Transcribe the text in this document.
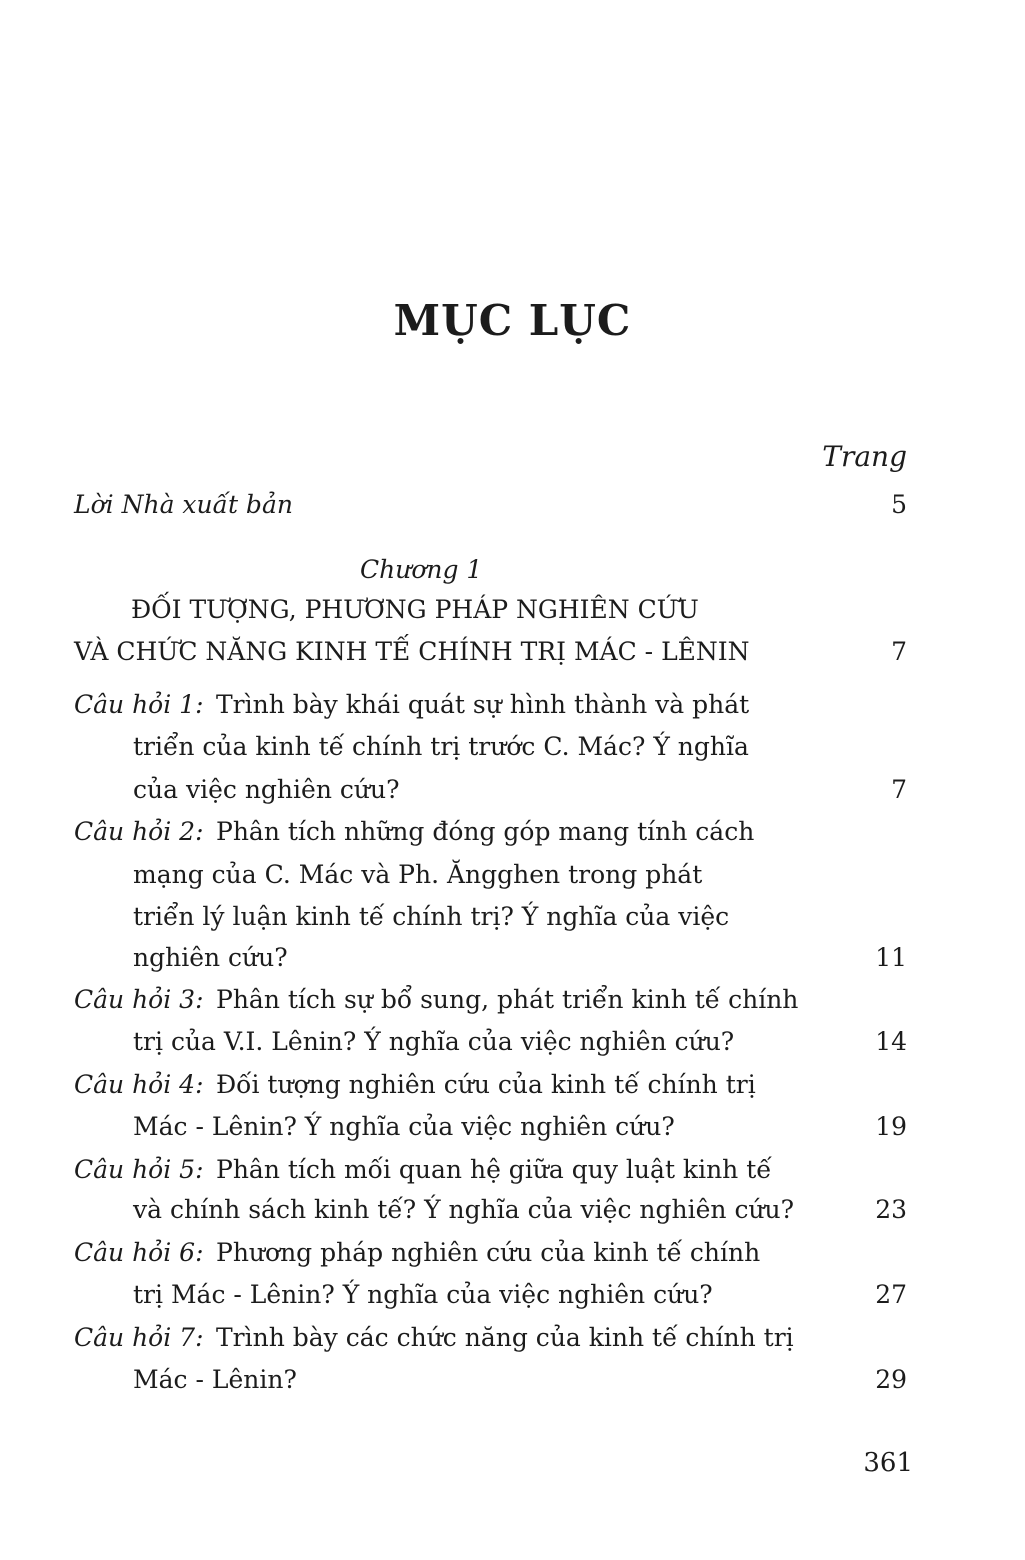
MỤC LỤC
Trang
Lời Nhà xuất bản	5
Chương 1
ĐỐI TƯỢNG, PHƯƠNG PHÁP NGHIÊN CỨU
VÀ CHỨC NĂNG KINH TẾ CHÍNH TRỊ MÁC - LÊNIN	7
Câu hỏi 1: Trình bày khái quát sự hình thành và phát
triển của kinh tế chính trị trước C. Mác? Ý nghĩa
của việc nghiên cứu?	7
Câu hỏi 2: Phân tích những đóng góp mang tính cách
mạng của C. Mác và Ph. Ăngghen trong phát
triển lý luận kinh tế chính trị? Ý nghĩa của việc
nghiên cứu?	11
Câu hỏi 3: Phân tích sự bổ sung, phát triển kinh tế chính
trị của V.I. Lênin? Ý nghĩa của việc nghiên cứu?	14
Câu hỏi 4: Đối tượng nghiên cứu của kinh tế chính trị
Mác - Lênin? Ý nghĩa của việc nghiên cứu?	19
Câu hỏi 5: Phân tích mối quan hệ giữa quy luật kinh tế
và chính sách kinh tế? Ý nghĩa của việc nghiên cứu?	23
Câu hỏi 6: Phương pháp nghiên cứu của kinh tế chính
trị Mác - Lênin? Ý nghĩa của việc nghiên cứu?	27
Câu hỏi 7: Trình bày các chức năng của kinh tế chính trị
Mác - Lênin?	29
361
